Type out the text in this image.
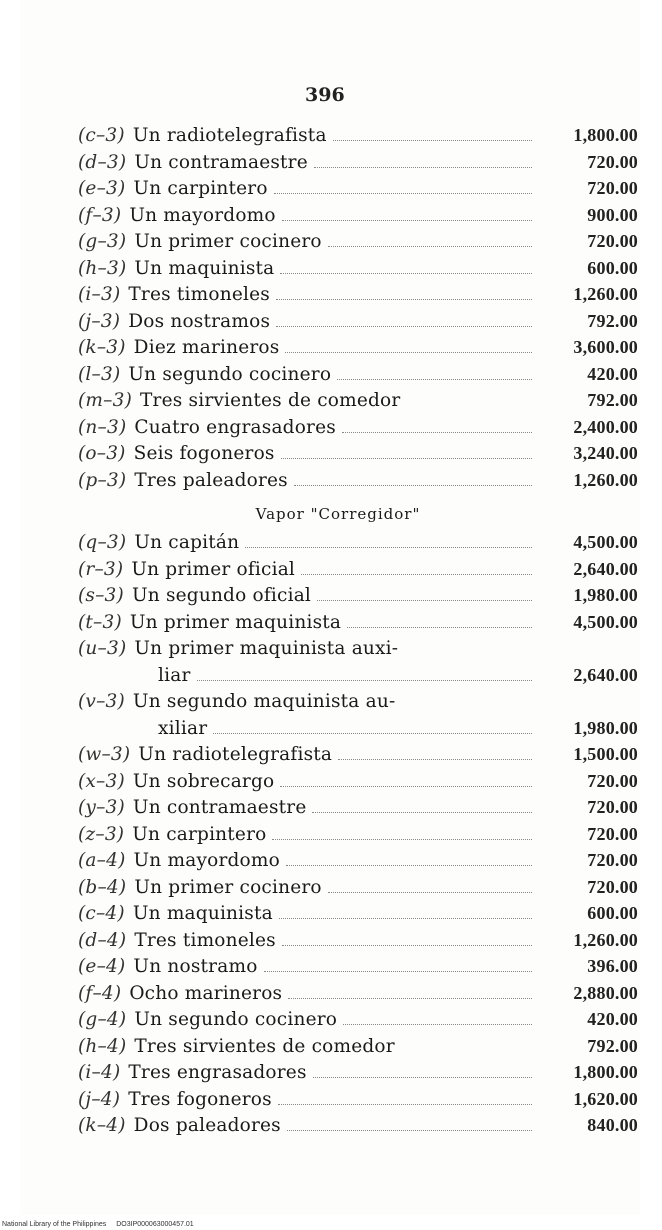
396
(c–3) Un radiotelegrafista	1,800.00
(d–3) Un contramaestre	720.00
(e–3) Un carpintero	720.00
(f–3) Un mayordomo	900.00
(g–3) Un primer cocinero	720.00
(h–3) Un maquinista	600.00
(i–3) Tres timoneles	1,260.00
(j–3) Dos nostramos	792.00
(k–3) Diez marineros	3,600.00
(l–3) Un segundo cocinero	420.00
(m–3) Tres sirvientes de comedor	792.00
(n–3) Cuatro engrasadores	2,400.00
(o–3) Seis fogoneros	3,240.00
(p–3) Tres paleadores	1,260.00
Vapor "Corregidor"
(q–3) Un capitán	4,500.00
(r–3) Un primer oficial	2,640.00
(s–3) Un segundo oficial	1,980.00
(t–3) Un primer maquinista	4,500.00
(u–3) Un primer maquinista auxi-
liar	2,640.00
(v–3) Un segundo maquinista au-
xiliar	1,980.00
(w–3) Un radiotelegrafista	1,500.00
(x–3) Un sobrecargo	720.00
(y–3) Un contramaestre	720.00
(z–3) Un carpintero	720.00
(a–4) Un mayordomo	720.00
(b–4) Un primer cocinero	720.00
(c–4) Un maquinista	600.00
(d–4) Tres timoneles	1,260.00
(e–4) Un nostramo	396.00
(f–4) Ocho marineros	2,880.00
(g–4) Un segundo cocinero	420.00
(h–4) Tres sirvientes de comedor	792.00
(i–4) Tres engrasadores	1,800.00
(j–4) Tres fogoneros	1,620.00
(k–4) Dos paleadores	840.00
National Library of the Philippines DO3IP000063000457.01
